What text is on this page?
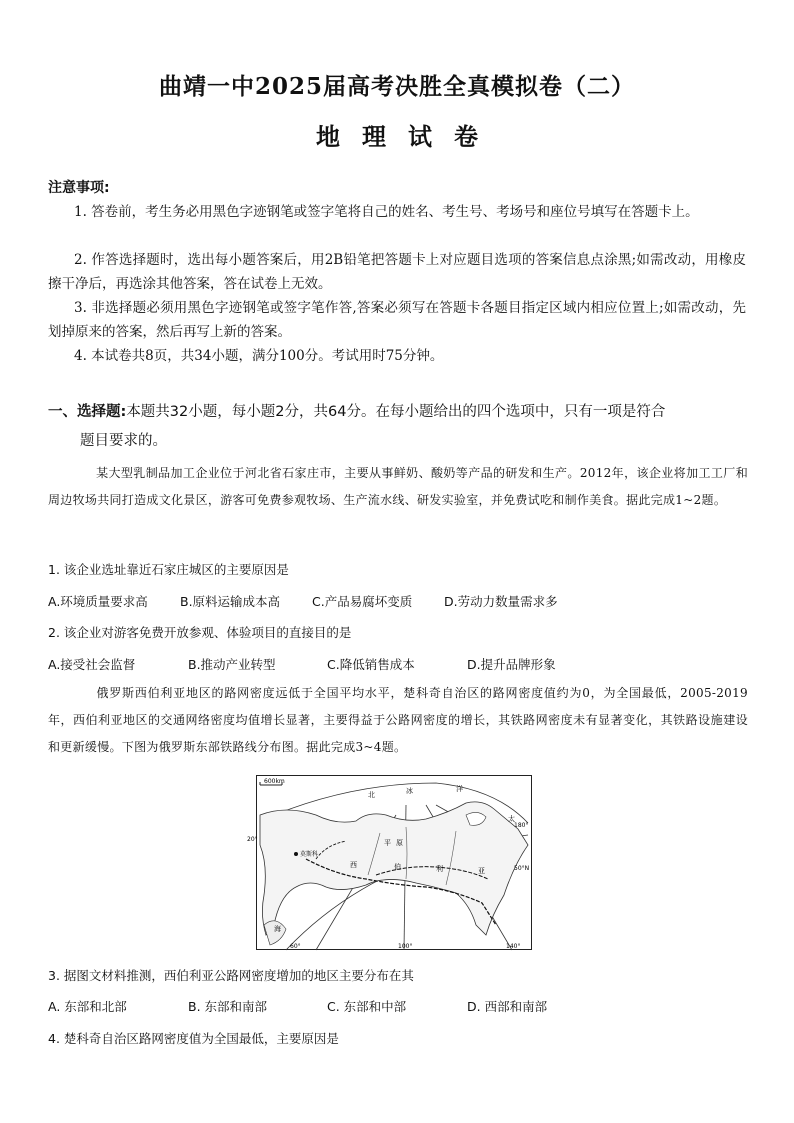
曲靖一中2025届高考决胜全真模拟卷（二）
地理试卷
注意事项:
1. 答卷前，考生务必用黑色字迹钢笔或签字笔将自己的姓名、考生号、考场号和座位号填写在答题卡上。
2. 作答选择题时，选出每小题答案后，用2B铅笔把答题卡上对应题目选项的答案信息点涂黑;如需改动，用橡皮擦干净后，再选涂其他答案，答在试卷上无效。
3. 非选择题必须用黑色字迹钢笔或签字笔作答,答案必须写在答题卡各题目指定区域内相应位置上;如需改动，先划掉原来的答案，然后再写上新的答案。
4. 本试卷共8页，共34小题，满分100分。考试用时75分钟。
一、选择题:本题共32小题，每小题2分，共64分。在每小题给出的四个选项中，只有一项是符合
题目要求的。
某大型乳制品加工企业位于河北省石家庄市，主要从事鲜奶、酸奶等产品的研发和生产。2012年，该企业将加工工厂和周边牧场共同打造成文化景区，游客可免费参观牧场、生产流水线、研发实验室，并免费试吃和制作美食。据此完成1~2题。
1. 该企业选址靠近石家庄城区的主要原因是
A.环境质量要求高	B.原料运输成本高	C.产品易腐坏变质	D.劳动力数量需求多
2. 该企业对游客免费开放参观、体验项目的直接目的是
A.接受社会监督	B.推动产业转型	C.降低销售成本	D.提升品牌形象
俄罗斯西伯利亚地区的路网密度远低于全国平均水平，楚科奇自治区的路网密度值约为0，为全国最低，2005-2019年，西伯利亚地区的交通网络密度均值增长显著，主要得益于公路网密度的增长，其铁路网密度未有显著变化，其铁路设施建设和更新缓慢。下图为俄罗斯东部铁路线分布图。据此完成3~4题。
600km
莫斯科
北	冰	洋
西	伯	利	亚
平 原
海
太
20°
50°N
180°
60°	100°	140°
3. 据图文材料推测，西伯利亚公路网密度增加的地区主要分布在其
A. 东部和北部	B. 东部和南部	C. 东部和中部	D. 西部和南部
4. 楚科奇自治区路网密度值为全国最低，主要原因是
